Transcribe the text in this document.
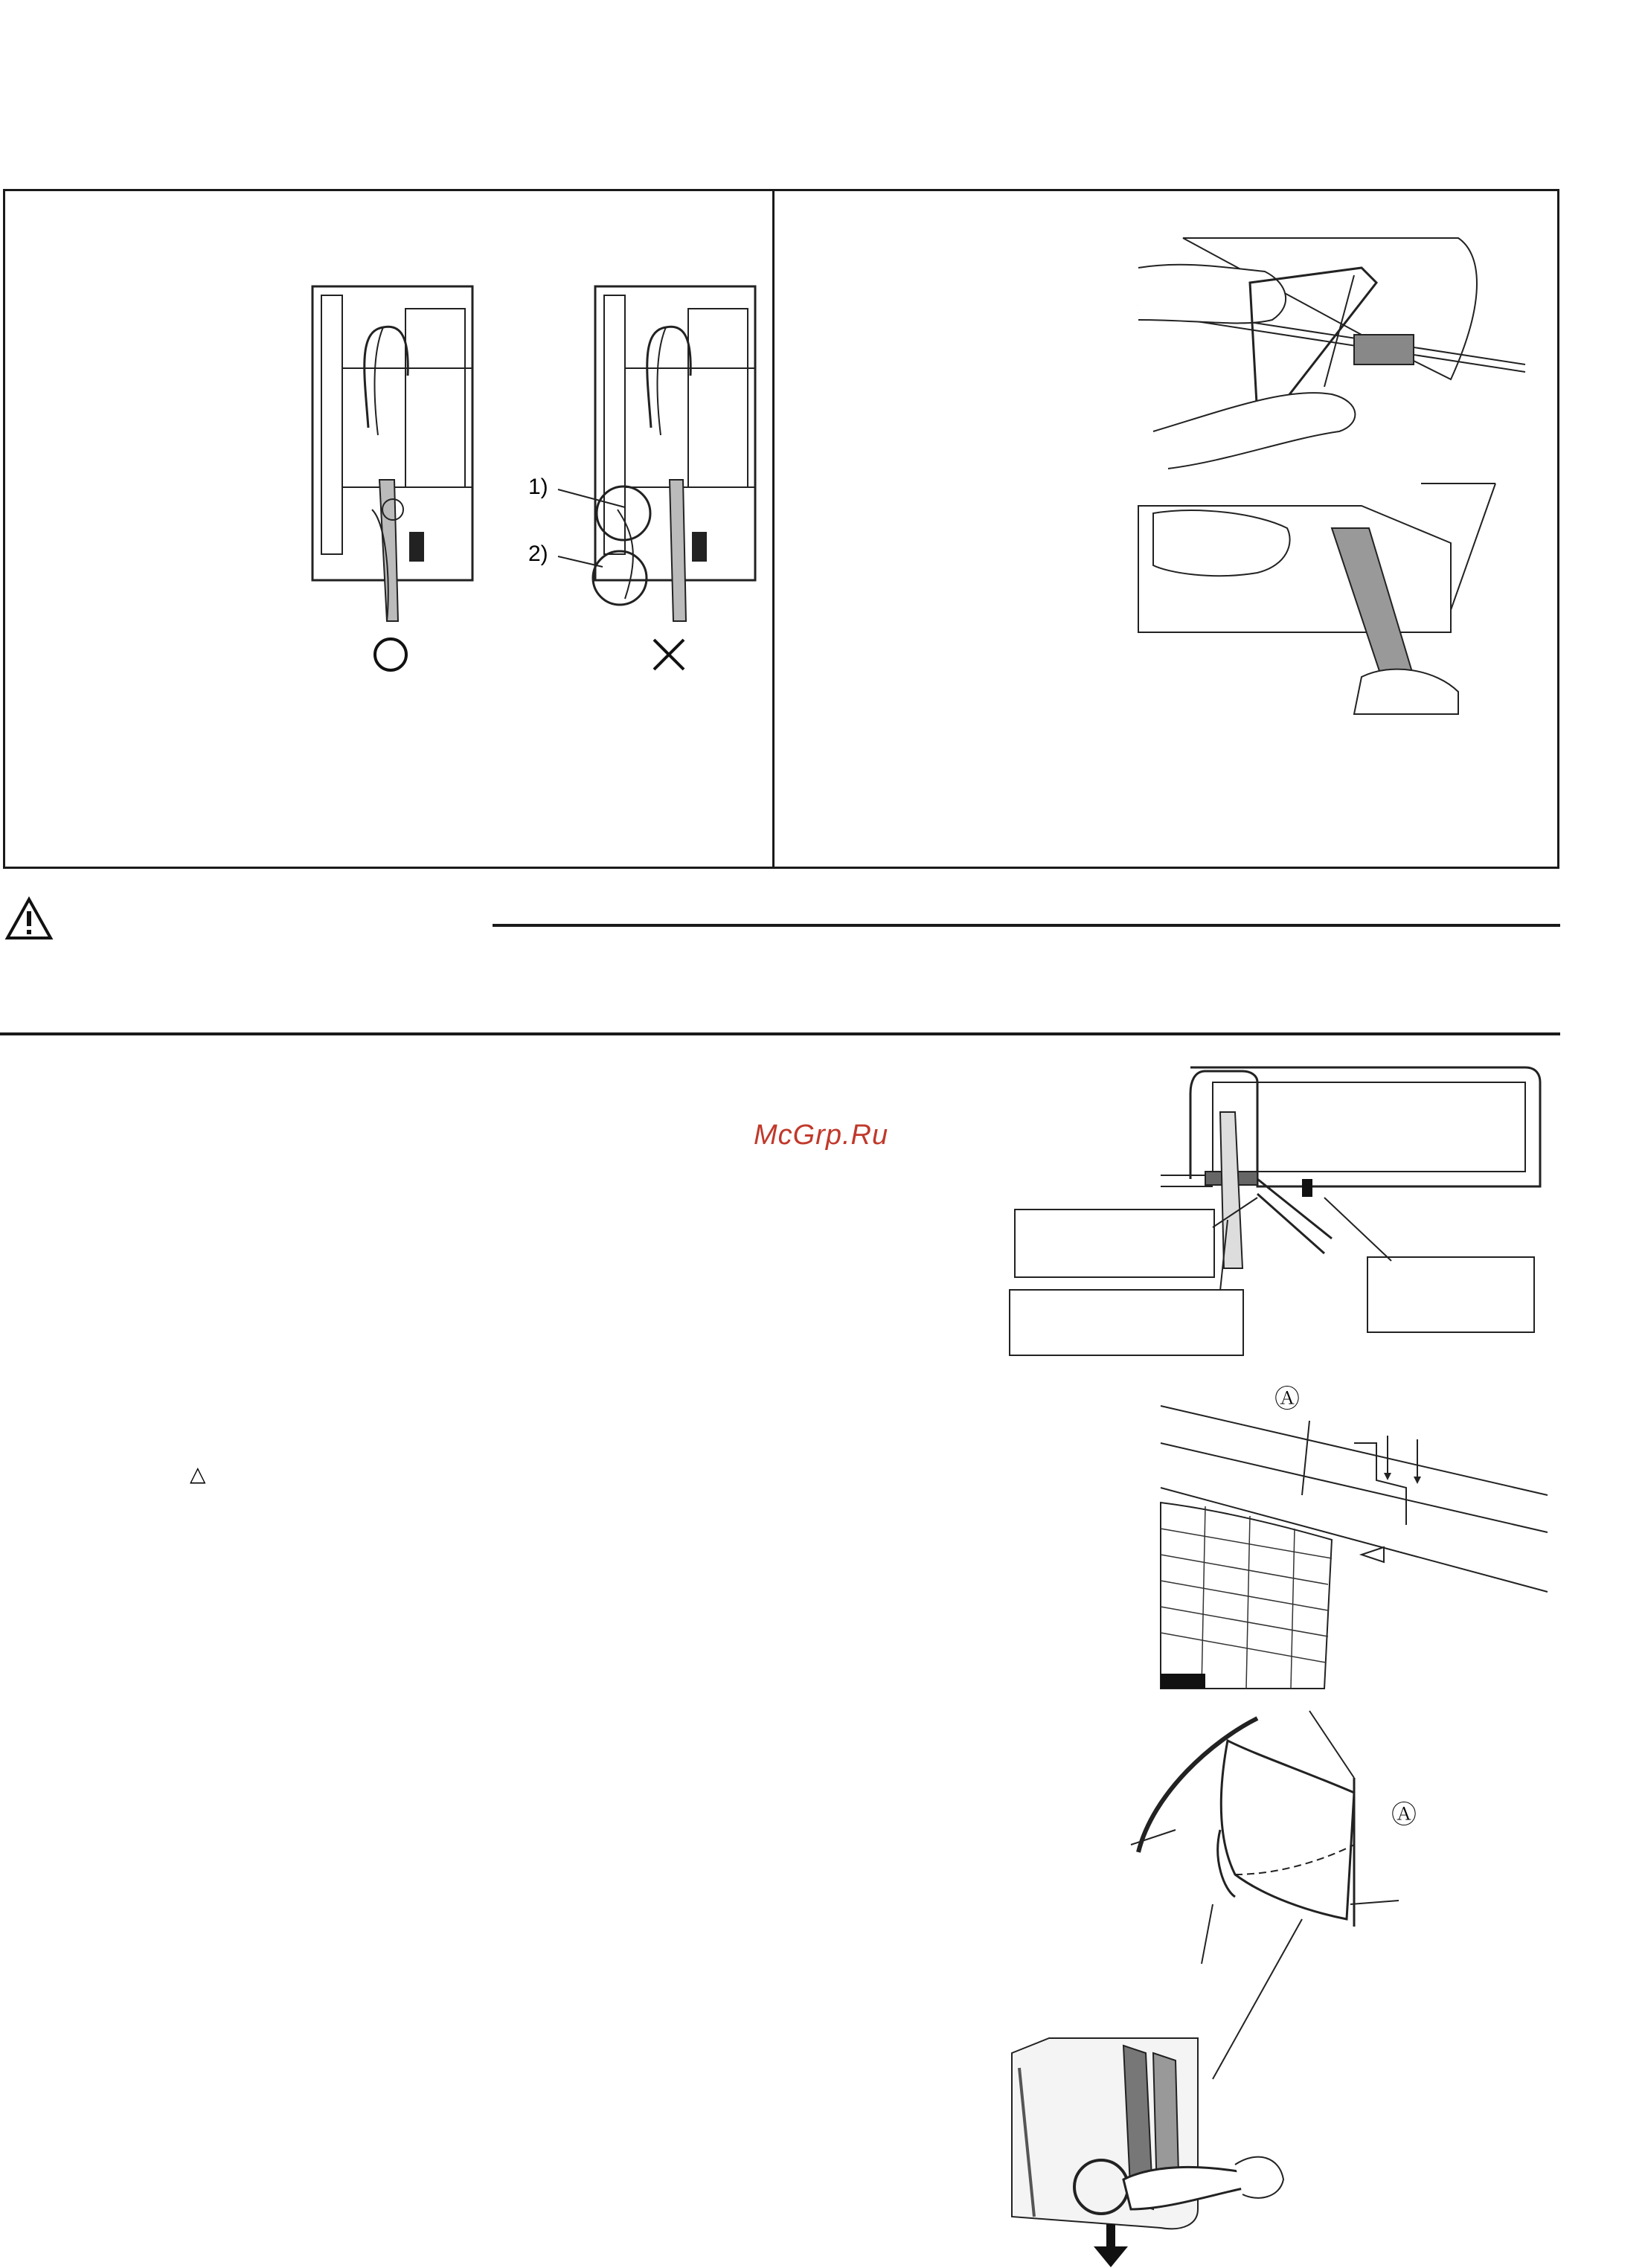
1)
2)
McGrp.Ru
△
Ⓐ
Ⓐ
